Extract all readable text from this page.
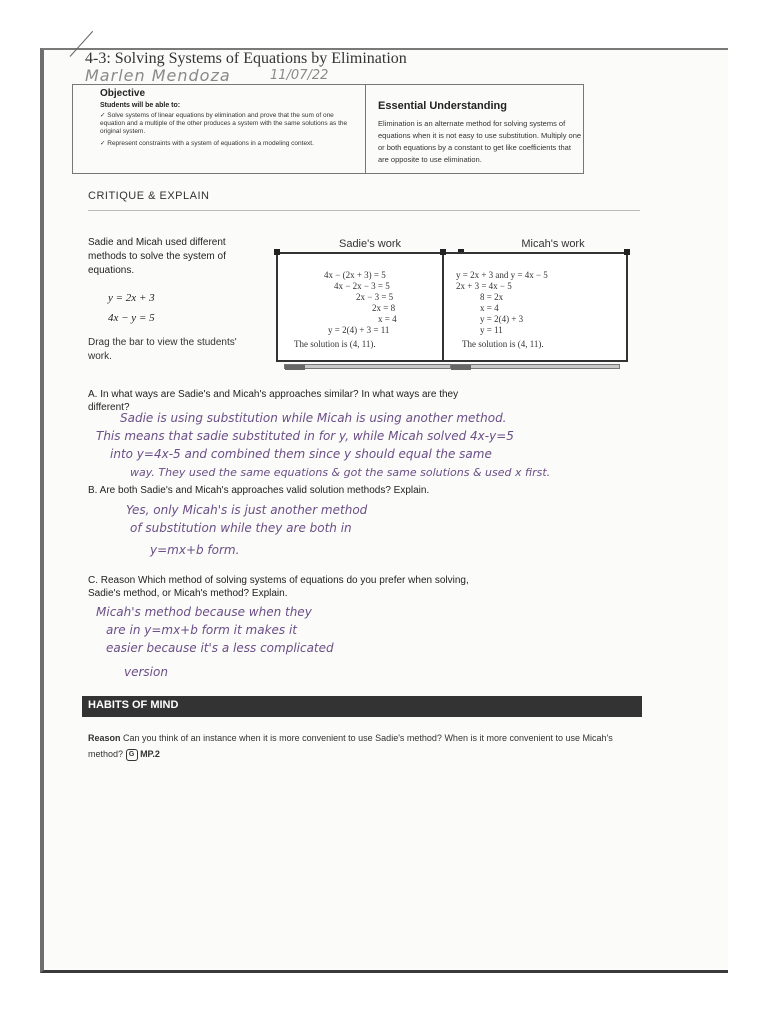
4-3: Solving Systems of Equations by Elimination
Marlen Mendoza	11/07/22
Objective
Students will be able to:
✓ Solve systems of linear equations by elimination and prove that the sum of one equation and a multiple of the other produces a system with the same solutions as the original system.
✓ Represent constraints with a system of equations in a modeling context.
Essential Understanding
Elimination is an alternate method for solving systems of equations when it is not easy to use substitution. Multiply one or both equations by a constant to get like coefficients that are opposite to use elimination.
CRITIQUE & EXPLAIN
Sadie and Micah used different methods to solve the system of equations.
y = 2x + 3
4x − y = 5
Drag the bar to view the students' work.
Sadie's work
4x − (2x + 3) = 5
4x − 2x − 3 = 5
2x − 3 = 5
2x = 8
x = 4
y = 2(4) + 3 = 11
The solution is (4, 11).
Micah's work
y = 2x + 3 and y = 4x − 5
2x + 3 = 4x − 5
8 = 2x
x = 4
y = 2(4) + 3
y = 11
The solution is (4, 11).
A. In what ways are Sadie's and Micah's approaches similar? In what ways are they different?
Sadie is using substitution while Micah is using another method.
This means that sadie substituted in for y, while Micah solved 4x-y=5
into y=4x-5 and combined them since y should equal the same
way. They used the same equations & got the same solutions & used x first.
B. Are both Sadie's and Micah's approaches valid solution methods? Explain.
Yes, only Micah's is just another method
of substitution while they are both in
y=mx+b form.
C. Reason Which method of solving systems of equations do you prefer when solving, Sadie's method, or Micah's method? Explain.
Micah's method because when they
are in y=mx+b form it makes it
easier because it's a less complicated
version
HABITS OF MIND
Reason Can you think of an instance when it is more convenient to use Sadie's method? When is it more convenient to use Micah's method? G MP.2
